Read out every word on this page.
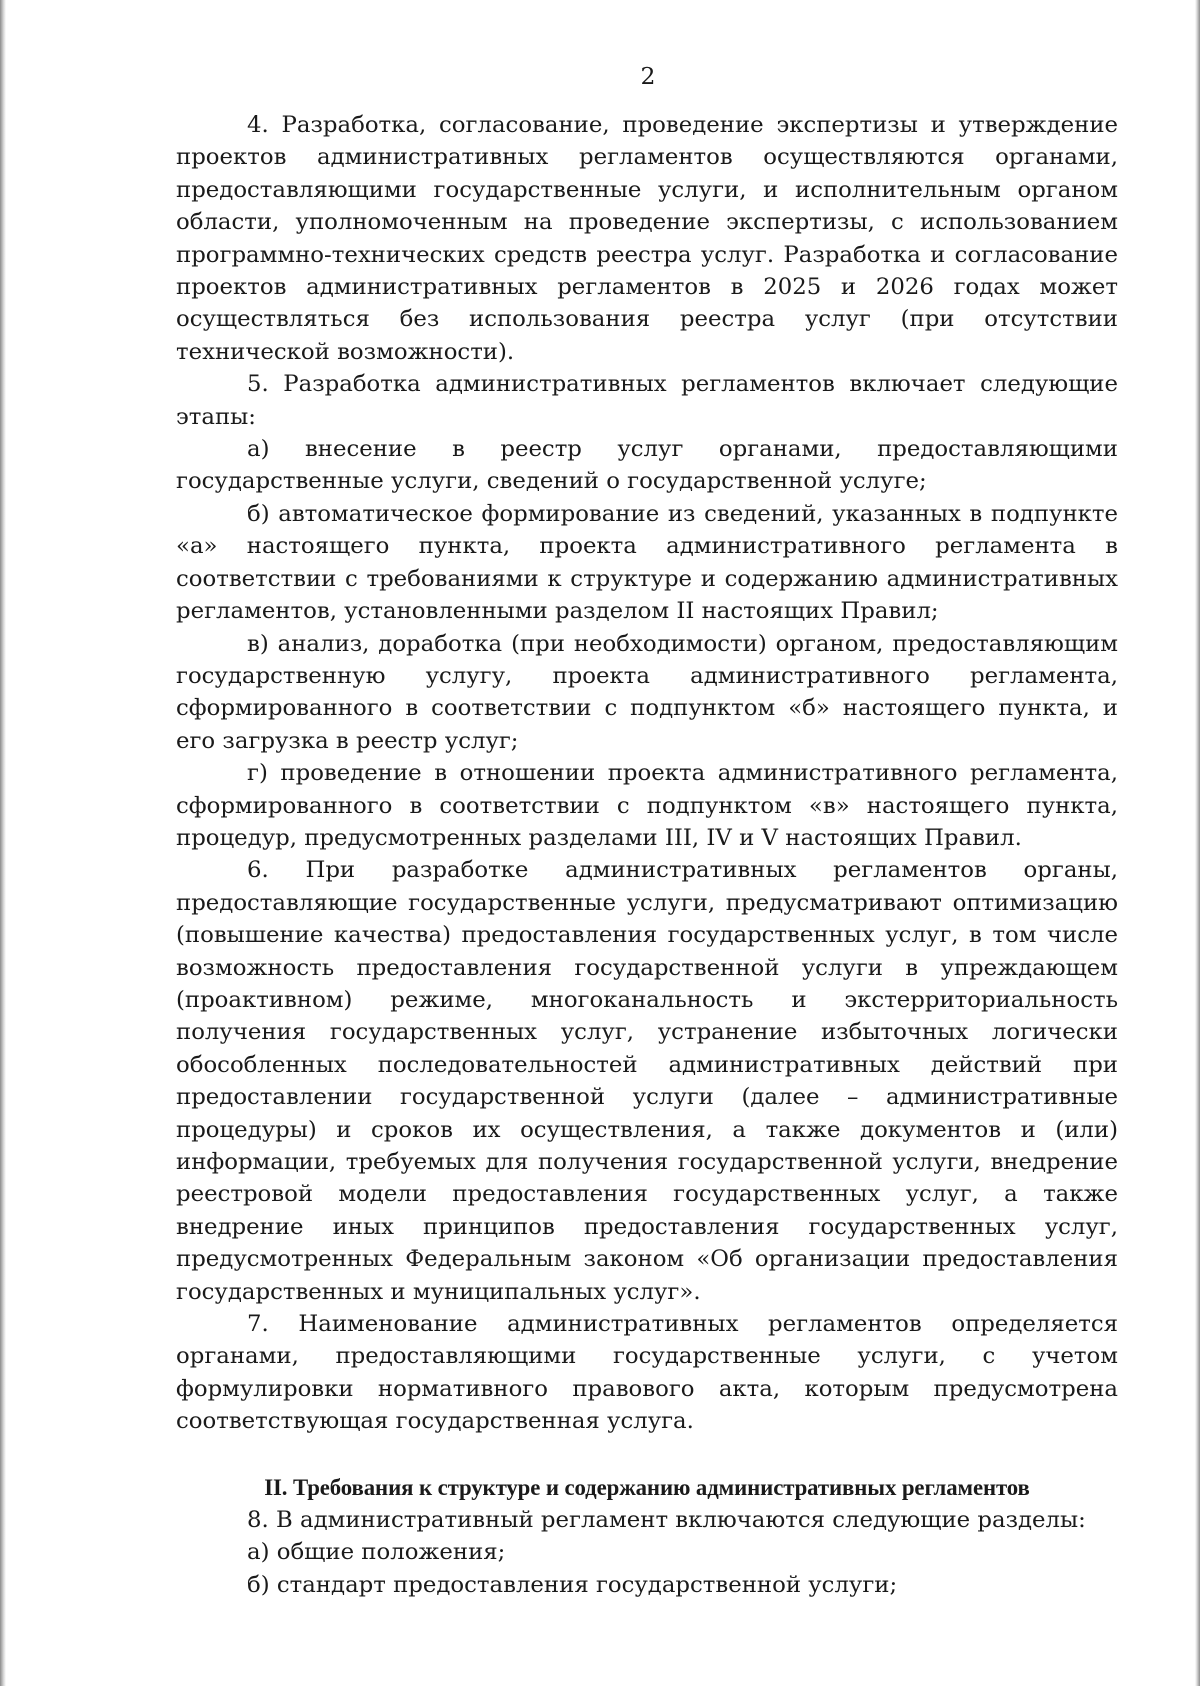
2

4. Разработка, согласование, проведение экспертизы и утверждение проектов административных регламентов осуществляются органами, предоставляющими государственные услуги, и исполнительным органом области, уполномоченным на проведение экспертизы, с использованием программно-технических средств реестра услуг. Разработка и согласование проектов административных регламентов в 2025 и 2026 годах может осуществляться без использования реестра услуг (при отсутствии технической возможности).

5. Разработка административных регламентов включает следующие этапы:

а) внесение в реестр услуг органами, предоставляющими государственные услуги, сведений о государственной услуге;

б) автоматическое формирование из сведений, указанных в подпункте «а» настоящего пункта, проекта административного регламента в соответствии с требованиями к структуре и содержанию административных регламентов, установленными разделом II настоящих Правил;

в) анализ, доработка (при необходимости) органом, предоставляющим государственную услугу, проекта административного регламента, сформированного в соответствии с подпунктом «б» настоящего пункта, и его загрузка в реестр услуг;

г) проведение в отношении проекта административного регламента, сформированного в соответствии с подпунктом «в» настоящего пункта, процедур, предусмотренных разделами III, IV и V настоящих Правил.

6. При разработке административных регламентов органы, предоставляющие государственные услуги, предусматривают оптимизацию (повышение качества) предоставления государственных услуг, в том числе возможность предоставления государственной услуги в упреждающем (проактивном) режиме, многоканальность и экстерриториальность получения государственных услуг, устранение избыточных логически обособленных последовательностей административных действий при предоставлении государственной услуги (далее – административные процедуры) и сроков их осуществления, а также документов и (или) информации, требуемых для получения государственной услуги, внедрение реестровой модели предоставления государственных услуг, а также внедрение иных принципов предоставления государственных услуг, предусмотренных Федеральным законом «Об организации предоставления государственных и муниципальных услуг».

7. Наименование административных регламентов определяется органами, предоставляющими государственные услуги, с учетом формулировки нормативного правового акта, которым предусмотрена соответствующая государственная услуга.

II. Требования к структуре и содержанию административных регламентов

8. В административный регламент включаются следующие разделы:

а) общие положения;

б) стандарт предоставления государственной услуги;
